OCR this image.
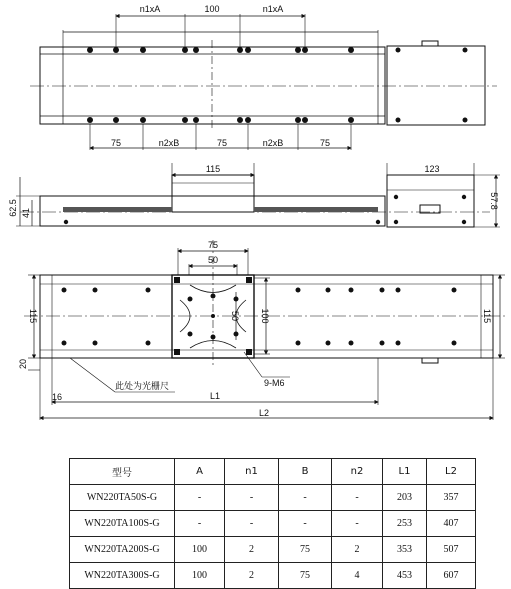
n1xA	100	n1xA
75	n2xB	75	n2xB	75
115	123
62.5 41
57.8
75
50
50 100
115	115
20
16	L1
L2
9-M6
此处为光栅尺
型号	A	n1	B	n2	L1	L2
WN220TA50S-G	-	-	-	-	203	357
WN220TA100S-G	-	-	-	-	253	407
WN220TA200S-G	100	2	75	2	353	507
WN220TA300S-G	100	2	75	4	453	607
